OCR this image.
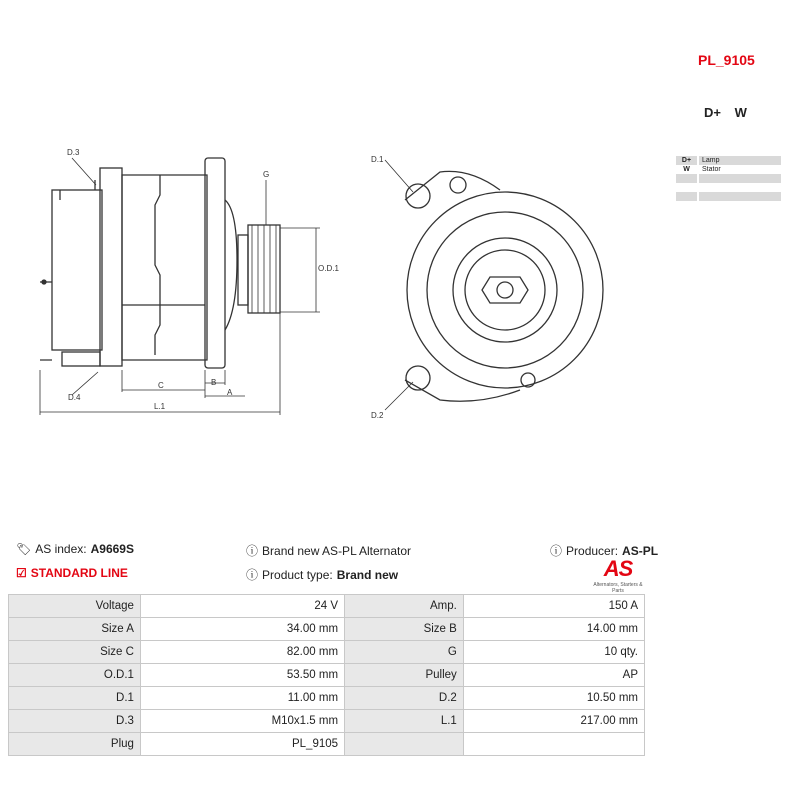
PL_9105
D+ W
D+	Lamp
W	Stator

D.3
D.4
G
O.D.1
A
B
C
L.1
D.1
D.2
🏷︎ AS index: A9669S	ⓘ Brand new AS-PL Alternator	ⓘ Producer: AS-PL
☑ STANDARD LINE	ⓘ Product type: Brand new	AS
Alternators, Starters & Parts
Voltage	24 V	Amp.	150 A
Size A	34.00 mm	Size B	14.00 mm
Size C	82.00 mm	G	10 qty.
O.D.1	53.50 mm	Pulley	AP
D.1	11.00 mm	D.2	10.50 mm
D.3	M10x1.5 mm	L.1	217.00 mm
Plug	PL_9105		
